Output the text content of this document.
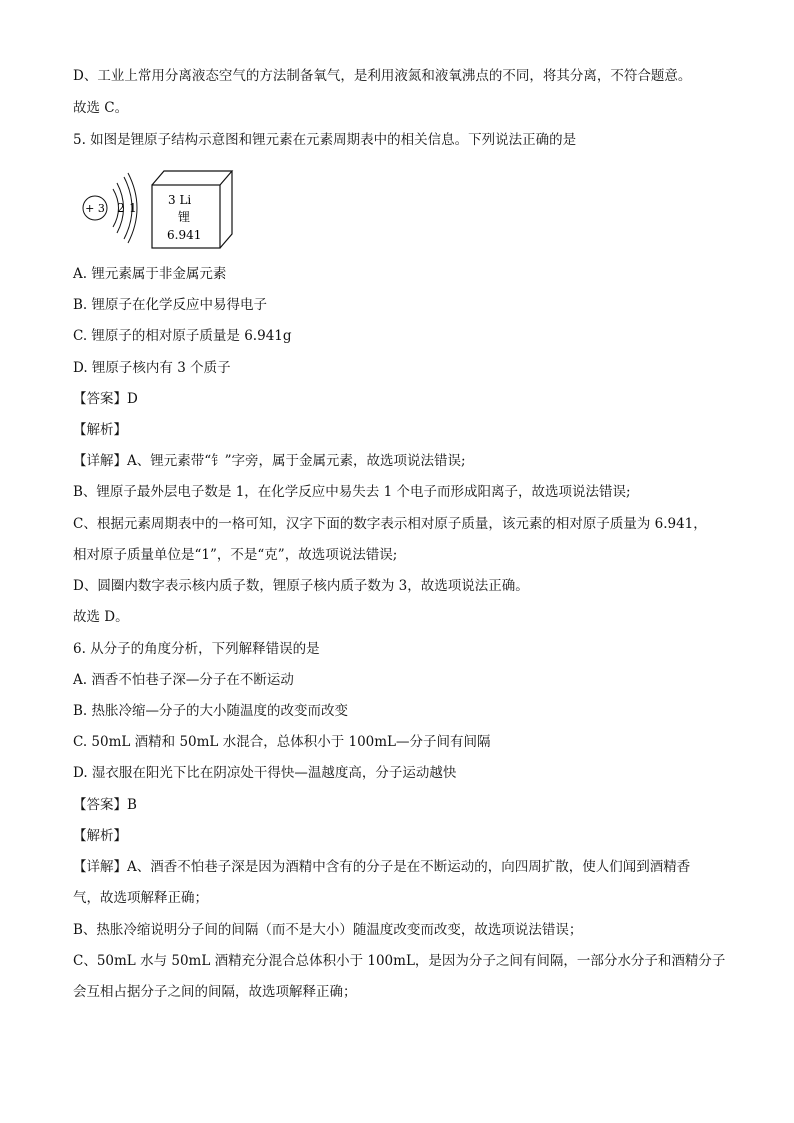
D、工业上常用分离液态空气的方法制备氧气，是利用液氮和液氧沸点的不同，将其分离，不符合题意。
故选 C。
5. 如图是锂原子结构示意图和锂元素在元素周期表中的相关信息。下列说法正确的是
+ 3 2 1
3 Li
锂
6.941
A. 锂元素属于非金属元素
B. 锂原子在化学反应中易得电子
C. 锂原子的相对原子质量是 6.941g
D. 锂原子核内有 3 个质子
【答案】D
【解析】
【详解】A、锂元素带“钅”字旁，属于金属元素，故选项说法错误;
B、锂原子最外层电子数是 1，在化学反应中易失去 1 个电子而形成阳离子，故选项说法错误;
C、根据元素周期表中的一格可知，汉字下面的数字表示相对原子质量，该元素的相对原子质量为 6.941，
相对原子质量单位是“1”，不是“克”，故选项说法错误;
D、圆圈内数字表示核内质子数，锂原子核内质子数为 3，故选项说法正确。
故选 D。
6. 从分子的角度分析，下列解释错误的是
A. 酒香不怕巷子深—分子在不断运动
B. 热胀冷缩—分子的大小随温度的改变而改变
C. 50mL 酒精和 50mL 水混合，总体积小于 100mL—分子间有间隔
D. 湿衣服在阳光下比在阴凉处干得快—温越度高，分子运动越快
【答案】B
【解析】
【详解】A、酒香不怕巷子深是因为酒精中含有的分子是在不断运动的，向四周扩散，使人们闻到酒精香
气，故选项解释正确；
B、热胀冷缩说明分子间的间隔（而不是大小）随温度改变而改变，故选项说法错误；
C、50mL 水与 50mL 酒精充分混合总体积小于 100mL，是因为分子之间有间隔，一部分水分子和酒精分子
会互相占据分子之间的间隔，故选项解释正确；
